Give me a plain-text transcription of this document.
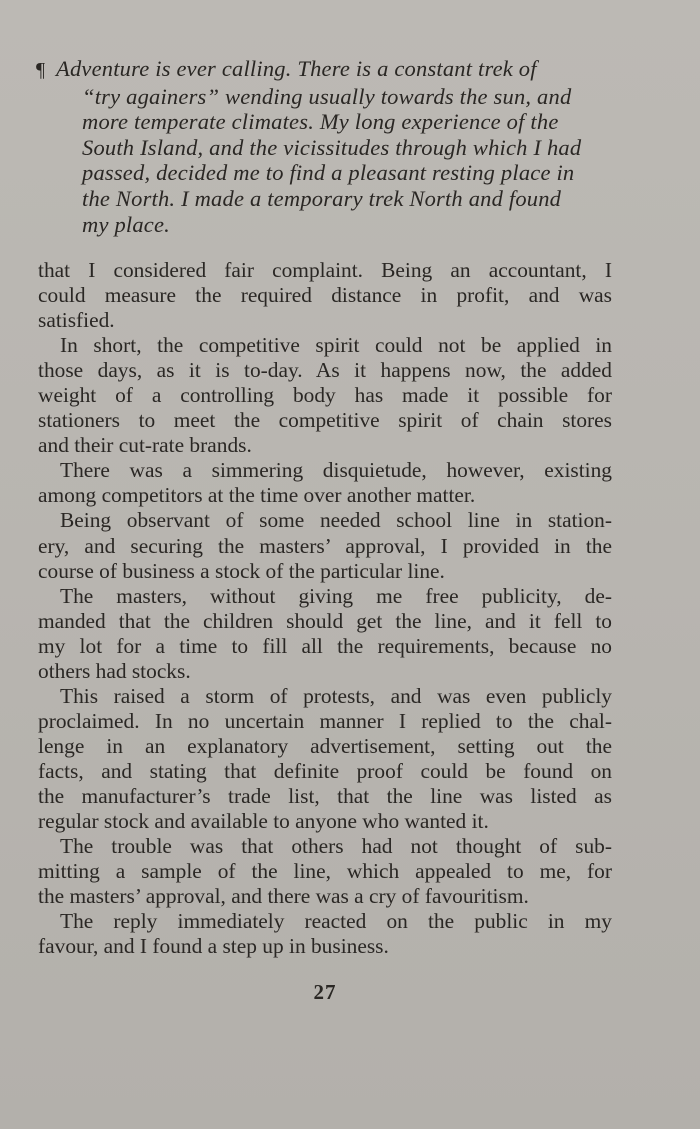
¶ Adventure is ever calling. There is a constant trek of
“try againers” wending usually towards the sun, and
more temperate climates. My long experience of the
South Island, and the vicissitudes through which I had
passed, decided me to find a pleasant resting place in
the North. I made a temporary trek North and found
my place.
that I considered fair complaint. Being an accountant, I
could measure the required distance in profit, and was
satisfied.
In short, the competitive spirit could not be applied in
those days, as it is to-day. As it happens now, the added
weight of a controlling body has made it possible for
stationers to meet the competitive spirit of chain stores
and their cut-rate brands.
There was a simmering disquietude, however, existing
among competitors at the time over another matter.
Being observant of some needed school line in station-
ery, and securing the masters’ approval, I provided in the
course of business a stock of the particular line.
The masters, without giving me free publicity, de-
manded that the children should get the line, and it fell to
my lot for a time to fill all the requirements, because no
others had stocks.
This raised a storm of protests, and was even publicly
proclaimed. In no uncertain manner I replied to the chal-
lenge in an explanatory advertisement, setting out the
facts, and stating that definite proof could be found on
the manufacturer’s trade list, that the line was listed as
regular stock and available to anyone who wanted it.
The trouble was that others had not thought of sub-
mitting a sample of the line, which appealed to me, for
the masters’ approval, and there was a cry of favouritism.
The reply immediately reacted on the public in my
favour, and I found a step up in business.
27
